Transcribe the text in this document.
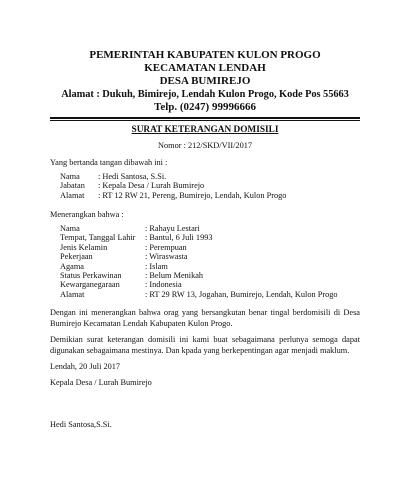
PEMERINTAH KABUPATEN KULON PROGO
KECAMATAN LENDAH
DESA BUMIREJO
Alamat : Dukuh, Bimirejo, Lendah Kulon Progo, Kode Pos 55663
Telp. (0247) 99996666
SURAT KETERANGAN DOMISILI
Nomor : 212/SKD/VII/2017
Yang bertanda tangan dibawah ini :
Nama	: Hedi Santosa, S.Si.
Jabatan	: Kepala Desa / Lurah Bumirejo
Alamat	: RT 12 RW 21, Pereng, Bumirejo, Lendah, Kulon Progo
Menerangkan bahwa :
Nama	: Rahayu Lestari
Tempat, Tanggal Lahir	: Bantul, 6 Juli 1993
Jenis Kelamin	: Perempuan
Pekerjaan	: Wiraswasta
Agama	: Islam
Status Perkawinan	: Belum Menikah
Kewarganegaraan	: Indonesia
Alamat	: RT 29 RW 13, Jogahan, Bumirejo, Lendah, Kulon Progo
Dengan ini menerangkan bahwa orag yang bersangkutan benar tingal berdomisili di Desa Bumirejo Kecamatan Lendah Kabupaten Kulon Progo.
Demikian surat keterangan domisili ini kami buat sebagaimana perlunya semoga dapat digunakan sebagaimana mestinya. Dan kpada yang berkepentingan agar menjadi maklum.
Lendah, 20 Juli 2017
Kepala Desa / Lurah Bumirejo
Hedi Santosa,S.Si.
